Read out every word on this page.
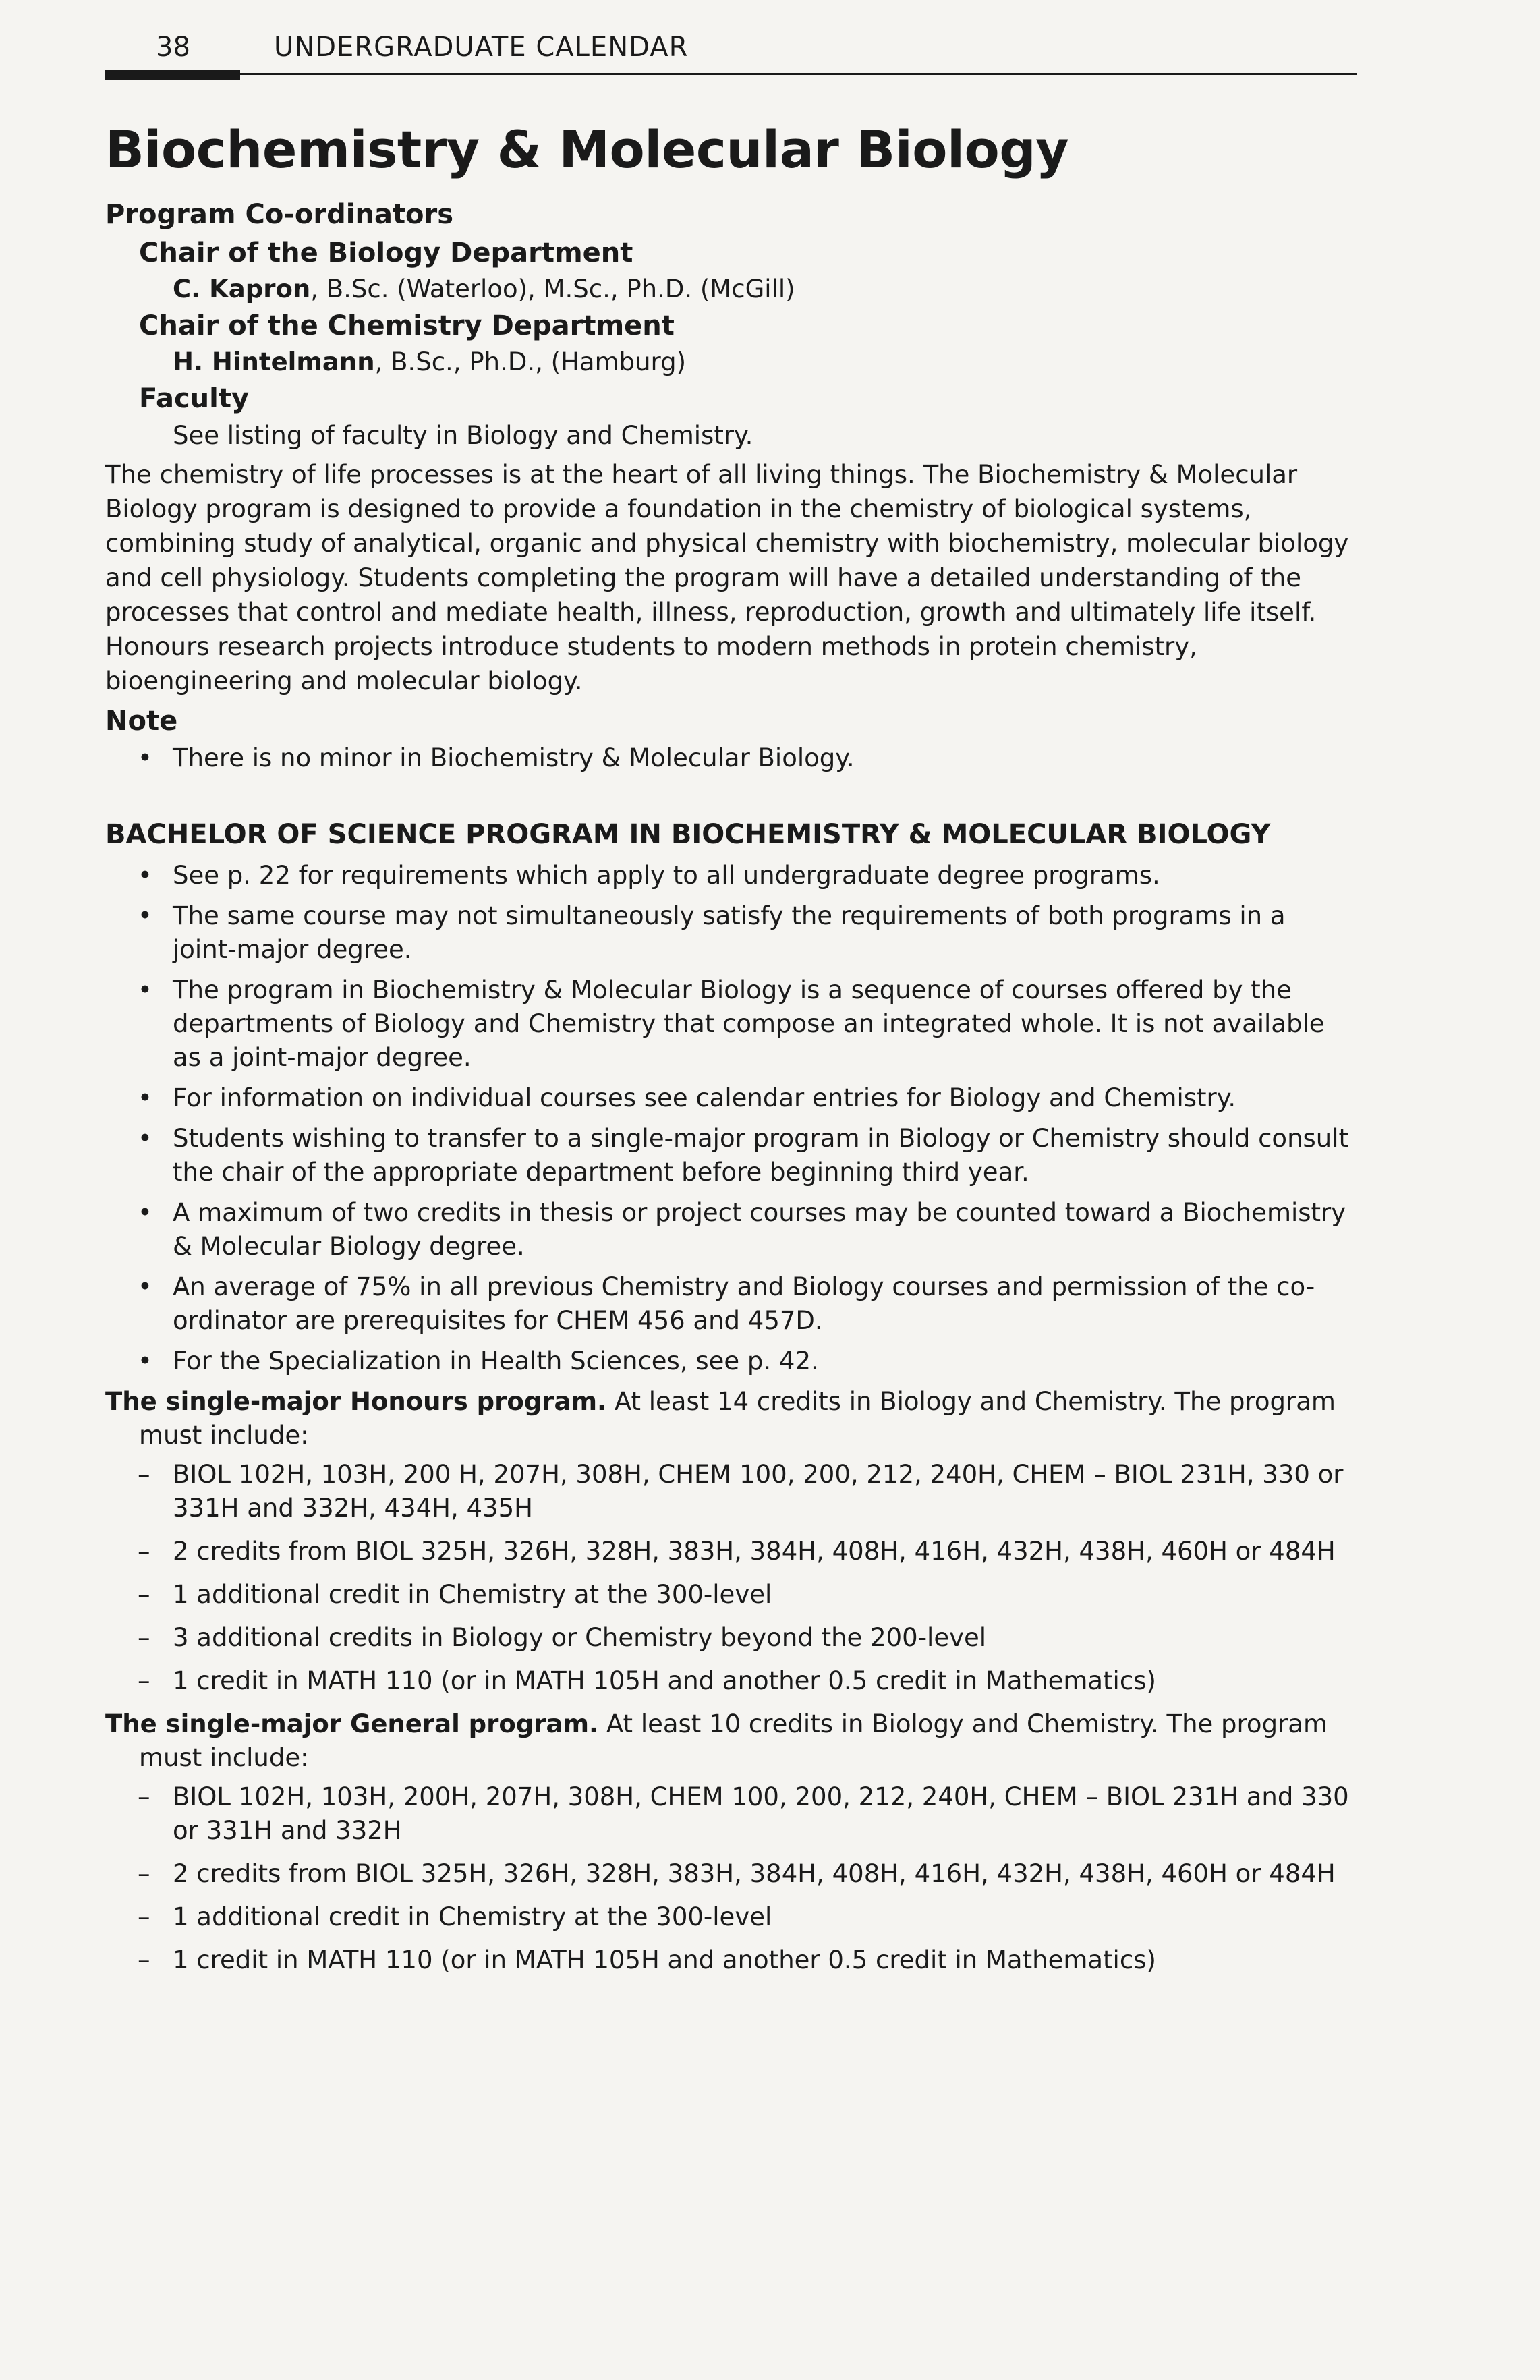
38	UNDERGRADUATE CALENDAR
Biochemistry & Molecular Biology
Program Co-ordinators
Chair of the Biology Department
C. Kapron, B.Sc. (Waterloo), M.Sc., Ph.D. (McGill)
Chair of the Chemistry Department
H. Hintelmann, B.Sc., Ph.D., (Hamburg)
Faculty
See listing of faculty in Biology and Chemistry.

The chemistry of life processes is at the heart of all living things. The Biochemistry & Molecular Biology program is designed to provide a foundation in the chemistry of biological systems, combining study of analytical, organic and physical chemistry with biochemistry, molecular biology and cell physiology. Students completing the program will have a detailed understanding of the processes that control and mediate health, illness, reproduction, growth and ultimately life itself. Honours research projects introduce students to modern methods in protein chemistry, bioengineering and molecular biology.

Note
• There is no minor in Biochemistry & Molecular Biology.
BACHELOR OF SCIENCE PROGRAM IN BIOCHEMISTRY & MOLECULAR BIOLOGY
• See p. 22 for requirements which apply to all undergraduate degree programs.
• The same course may not simultaneously satisfy the requirements of both programs in a joint-major degree.
• The program in Biochemistry & Molecular Biology is a sequence of courses offered by the departments of Biology and Chemistry that compose an integrated whole. It is not available as a joint-major degree.
• For information on individual courses see calendar entries for Biology and Chemistry.
• Students wishing to transfer to a single-major program in Biology or Chemistry should consult the chair of the appropriate department before beginning third year.
• A maximum of two credits in thesis or project courses may be counted toward a Biochemistry & Molecular Biology degree.
• An average of 75% in all previous Chemistry and Biology courses and permission of the co-ordinator are prerequisites for CHEM 456 and 457D.
• For the Specialization in Health Sciences, see p. 42.

The single-major Honours program. At least 14 credits in Biology and Chemistry. The program must include:

– BIOL 102H, 103H, 200 H, 207H, 308H, CHEM 100, 200, 212, 240H, CHEM – BIOL 231H, 330 or 331H and 332H, 434H, 435H
– 2 credits from BIOL 325H, 326H, 328H, 383H, 384H, 408H, 416H, 432H, 438H, 460H or 484H
– 1 additional credit in Chemistry at the 300-level
– 3 additional credits in Biology or Chemistry beyond the 200-level
– 1 credit in MATH 110 (or in MATH 105H and another 0.5 credit in Mathematics)

The single-major General program. At least 10 credits in Biology and Chemistry. The program must include:

– BIOL 102H, 103H, 200H, 207H, 308H, CHEM 100, 200, 212, 240H, CHEM – BIOL 231H and 330 or 331H and 332H
– 2 credits from BIOL 325H, 326H, 328H, 383H, 384H, 408H, 416H, 432H, 438H, 460H or 484H
– 1 additional credit in Chemistry at the 300-level
– 1 credit in MATH 110 (or in MATH 105H and another 0.5 credit in Mathematics)
